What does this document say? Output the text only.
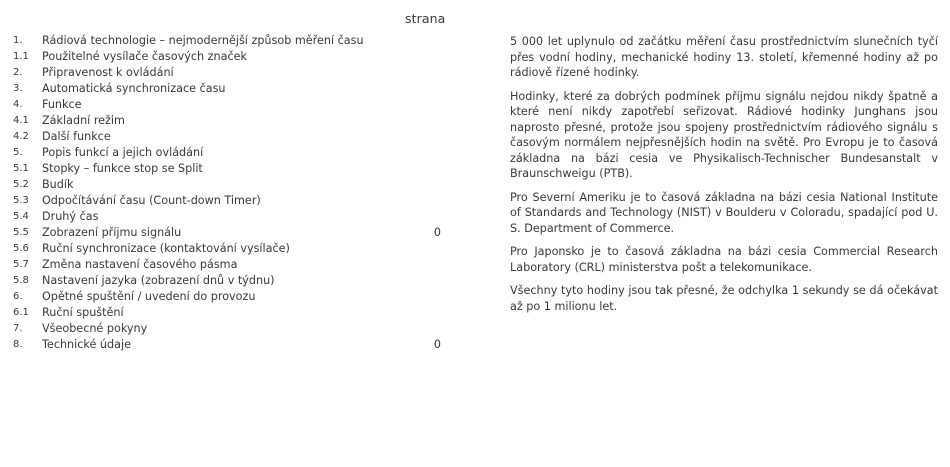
strana
1. Rádiová technologie – nejmodernější způsob měření času
1.1 Použitelné vysílače časových značek
2. Připravenost k ovládání
3. Automatická synchronizace času
4. Funkce
4.1 Základní režim
4.2 Další funkce
5. Popis funkcí a jejich ovládání
5.1 Stopky – funkce stop se Split
5.2 Budík
5.3 Odpočítávání času (Count-down Timer)
5.4 Druhý čas
5.5 Zobrazení příjmu signálu	0
5.6 Ruční synchronizace (kontaktování vysílače)
5.7 Změna nastavení časového pásma
5.8 Nastavení jazyka (zobrazení dnů v týdnu)
6. Opětné spuštění / uvedení do provozu
6.1 Ruční spuštění
7. Všeobecné pokyny
8. Technické údaje	0

5 000 let uplynulo od začátku měření času prostřednictvím slunečních tyčí přes vodní hodiny, mechanické hodiny 13. století, křemenné hodiny až po rádiově řízené hodinky.

Hodinky, které za dobrých podmínek příjmu signálu nejdou nikdy špatně a které není nikdy zapotřebí seřizovat. Rádiové hodinky Junghans jsou naprosto přesné, protože jsou spojeny prostřednictvím rádiového signálu s časovým normálem nejpřesnějších hodin na světě. Pro Evropu je to časová základna na bázi cesia ve Physikalisch-Technischer Bundesanstalt v Braunschweigu (PTB).

Pro Severní Ameriku je to časová základna na bázi cesia National Institute of Standards and Technology (NIST) v Boulderu v Coloradu, spadající pod U. S. Department of Commerce.

Pro Japonsko je to časová základna na bázi cesia Commercial Research Laboratory (CRL) ministerstva pošt a telekomunikace.

Všechny tyto hodiny jsou tak přesné, že odchylka 1 sekundy se dá očekávat až po 1 milionu let.
